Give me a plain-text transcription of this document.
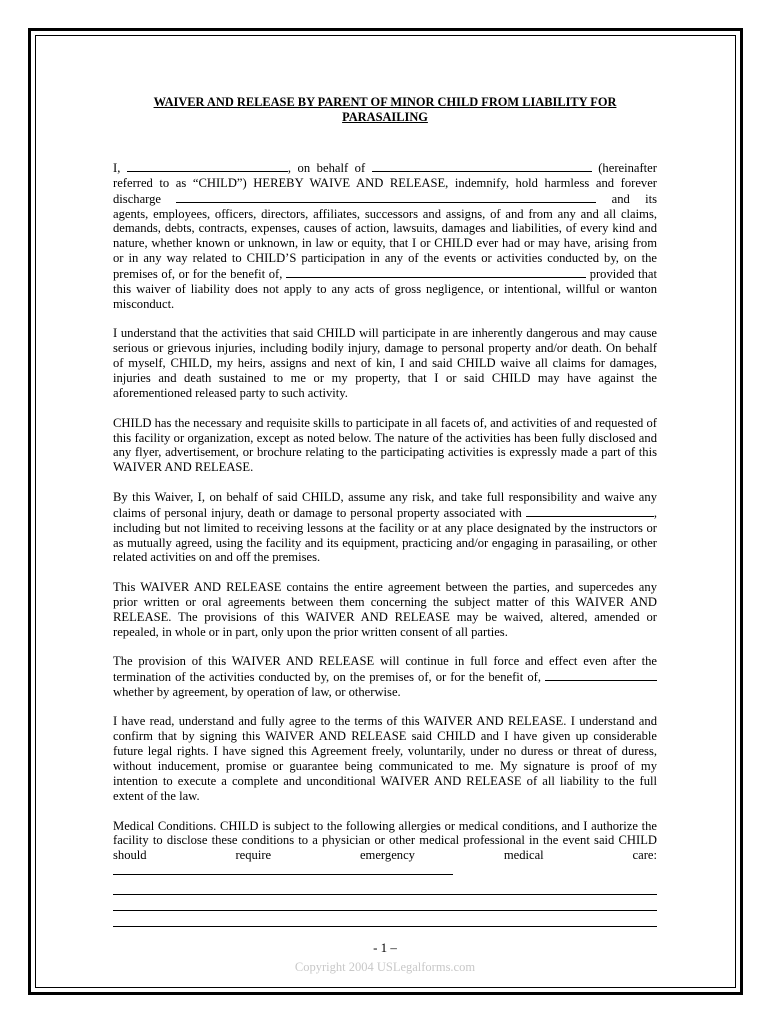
WAIVER AND RELEASE BY PARENT OF MINOR CHILD FROM LIABILITY FOR
PARASAILING

I,	, on behalf of	(hereinafter referred to as “CHILD”) HEREBY WAIVE AND RELEASE, indemnify, hold harmless and forever discharge	and its agents, employees, officers, directors, affiliates, successors and assigns, of and from any and all claims, demands, debts, contracts, expenses, causes of action, lawsuits, damages and liabilities, of every kind and nature, whether known or unknown, in law or equity, that I or CHILD ever had or may have, arising from or in any way related to CHILD’S participation in any of the events or activities conducted by, on the premises of, or for the benefit of,	provided that this waiver of liability does not apply to any acts of gross negligence, or intentional, willful or wanton misconduct.

I understand that the activities that said CHILD will participate in are inherently dangerous and may cause serious or grievous injuries, including bodily injury, damage to personal property and/or death. On behalf of myself, CHILD, my heirs, assigns and next of kin, I and said CHILD waive all claims for damages, injuries and death sustained to me or my property, that I or said CHILD may have against the aforementioned released party to such activity.

CHILD has the necessary and requisite skills to participate in all facets of, and activities of and requested of this facility or organization, except as noted below. The nature of the activities has been fully disclosed and any flyer, advertisement, or brochure relating to the participating activities is expressly made a part of this WAIVER AND RELEASE.

By this Waiver, I, on behalf of said CHILD, assume any risk, and take full responsibility and waive any claims of personal injury, death or damage to personal property associated with	, including but not limited to receiving lessons at the facility or at any place designated by the instructors or as mutually agreed, using the facility and its equipment, practicing and/or engaging in parasailing, or other related activities on and off the premises.

This WAIVER AND RELEASE contains the entire agreement between the parties, and supercedes any prior written or oral agreements between them concerning the subject matter of this WAIVER AND RELEASE. The provisions of this WAIVER AND RELEASE may be waived, altered, amended or repealed, in whole or in part, only upon the prior written consent of all parties.

The provision of this WAIVER AND RELEASE will continue in full force and effect even after the termination of the activities conducted by, on the premises of, or for the benefit of,  whether by agreement, by operation of law, or otherwise.

I have read, understand and fully agree to the terms of this WAIVER AND RELEASE. I understand and confirm that by signing this WAIVER AND RELEASE said CHILD and I have given up considerable future legal rights. I have signed this Agreement freely, voluntarily, under no duress or threat of duress, without inducement, promise or guarantee being communicated to me. My signature is proof of my intention to execute a complete and unconditional WAIVER AND RELEASE of all liability to the full extent of the law.

Medical Conditions. CHILD is subject to the following allergies or medical conditions, and I authorize the facility to disclose these conditions to a physician or other medical professional in the event said CHILD should require emergency medical care:

- 1 –
Copyright 2004 USLegalforms.com
